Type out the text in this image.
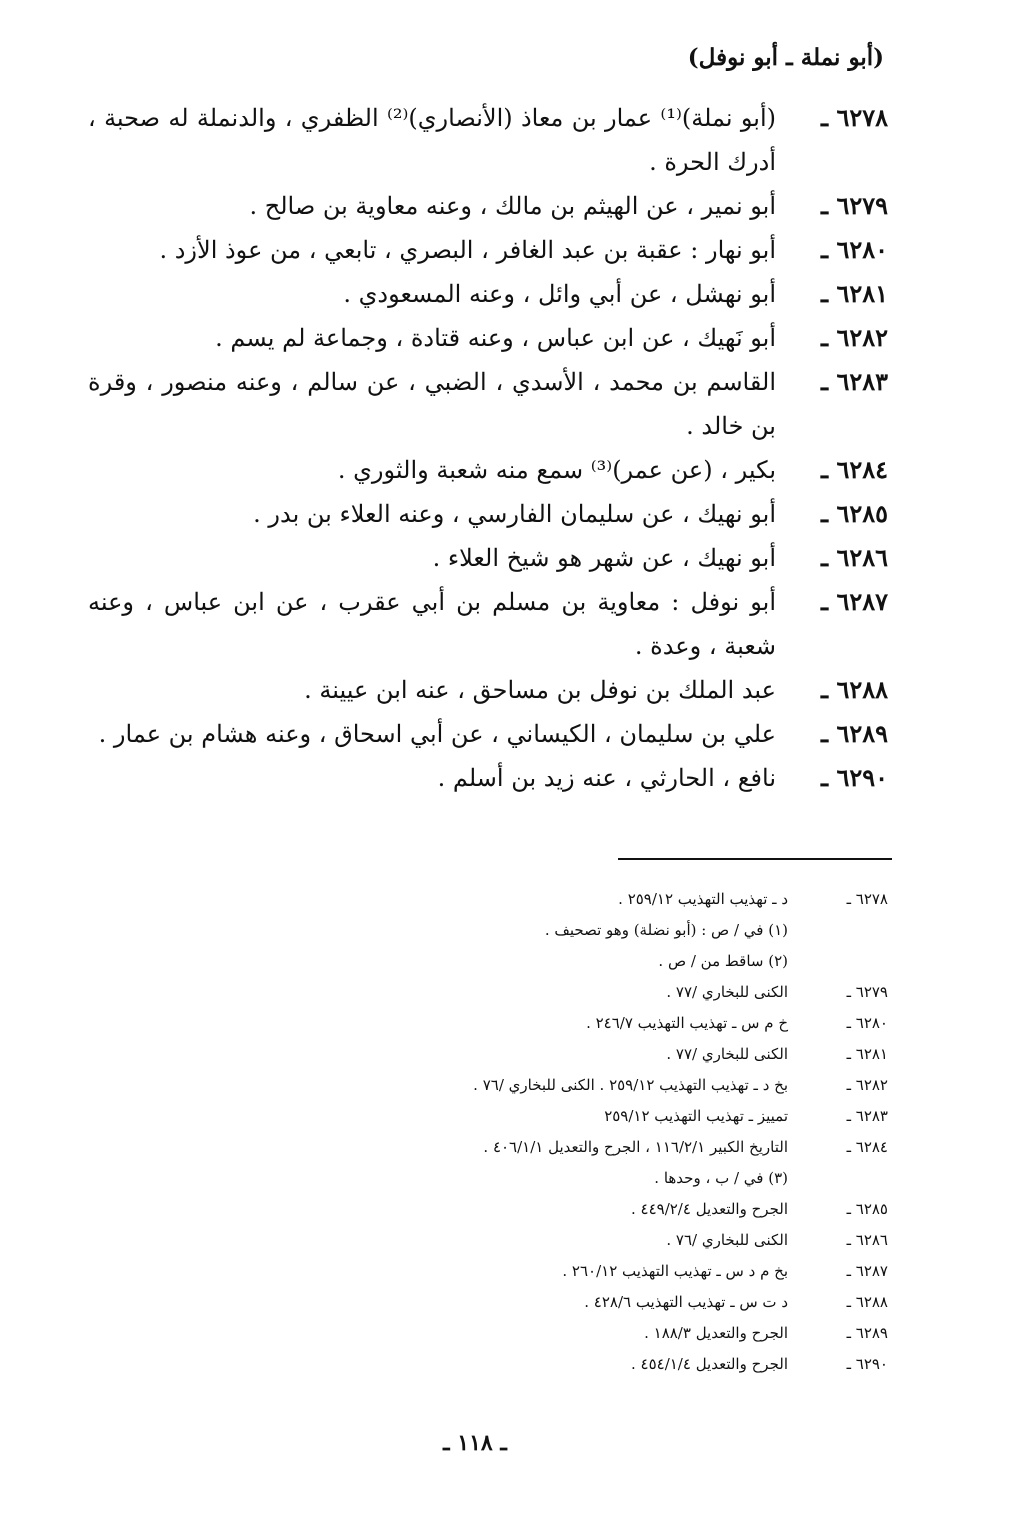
(أبو نملة ـ أبو نوفل)
٦٢٧٨ ـ
(أبو نملة)⁽¹⁾ عمار بن معاذ (الأنصاري)⁽²⁾ الظفري ، والدنملة له صحبة ، أدرك الحرة .
٦٢٧٩ ـ
أبو نمير ، عن الهيثم بن مالك ، وعنه معاوية بن صالح .
٦٢٨٠ ـ
أبو نهار : عقبة بن عبد الغافر ، البصري ، تابعي ، من عوذ الأزد .
٦٢٨١ ـ
أبو نهشل ، عن أبي وائل ، وعنه المسعودي .
٦٢٨٢ ـ
أبو نَهيك ، عن ابن عباس ، وعنه قتادة ، وجماعة لم يسم .
٦٢٨٣ ـ
القاسم بن محمد ، الأسدي ، الضبي ، عن سالم ، وعنه منصور ، وقرة بن خالد .
٦٢٨٤ ـ
بكير ، (عن عمر)⁽³⁾ سمع منه شعبة والثوري .
٦٢٨٥ ـ
أبو نهيك ، عن سليمان الفارسي ، وعنه العلاء بن بدر .
٦٢٨٦ ـ
أبو نهيك ، عن شهر هو شيخ العلاء .
٦٢٨٧ ـ
أبو نوفل : معاوية بن مسلم بن أبي عقرب ، عن ابن عباس ، وعنه شعبة ، وعدة .
٦٢٨٨ ـ
عبد الملك بن نوفل بن مساحق ، عنه ابن عيينة .
٦٢٨٩ ـ
علي بن سليمان ، الكيساني ، عن أبي اسحاق ، وعنه هشام بن عمار .
٦٢٩٠ ـ
نافع ، الحارثي ، عنه زيد بن أسلم .
٦٢٧٨ ـ
د ـ تهذيب التهذيب ٢٥٩/١٢ .
(١) في / ص : (أبو نضلة) وهو تصحيف .
(٢) ساقط من / ص .
٦٢٧٩ ـ
الكنى للبخاري /٧٧ .
٦٢٨٠ ـ
خ م س ـ تهذيب التهذيب ٢٤٦/٧ .
٦٢٨١ ـ
الكنى للبخاري /٧٧ .
٦٢٨٢ ـ
بخ د ـ تهذيب التهذيب ٢٥٩/١٢ . الكنى للبخاري /٧٦ .
٦٢٨٣ ـ
تمييز ـ تهذيب التهذيب ٢٥٩/١٢
٦٢٨٤ ـ
التاريخ الكبير ١١٦/٢/١ ، الجرح والتعديل ٤٠٦/١/١ .
(٣) في / ب ، وحدها .
٦٢٨٥ ـ
الجرح والتعديل ٤٤٩/٢/٤ .
٦٢٨٦ ـ
الكنى للبخاري /٧٦ .
٦٢٨٧ ـ
بخ م د س ـ تهذيب التهذيب ٢٦٠/١٢ .
٦٢٨٨ ـ
د ت س ـ تهذيب التهذيب ٤٢٨/٦ .
٦٢٨٩ ـ
الجرح والتعديل ١٨٨/٣ .
٦٢٩٠ ـ
الجرح والتعديل ٤٥٤/١/٤ .
ـ ١١٨ ـ
